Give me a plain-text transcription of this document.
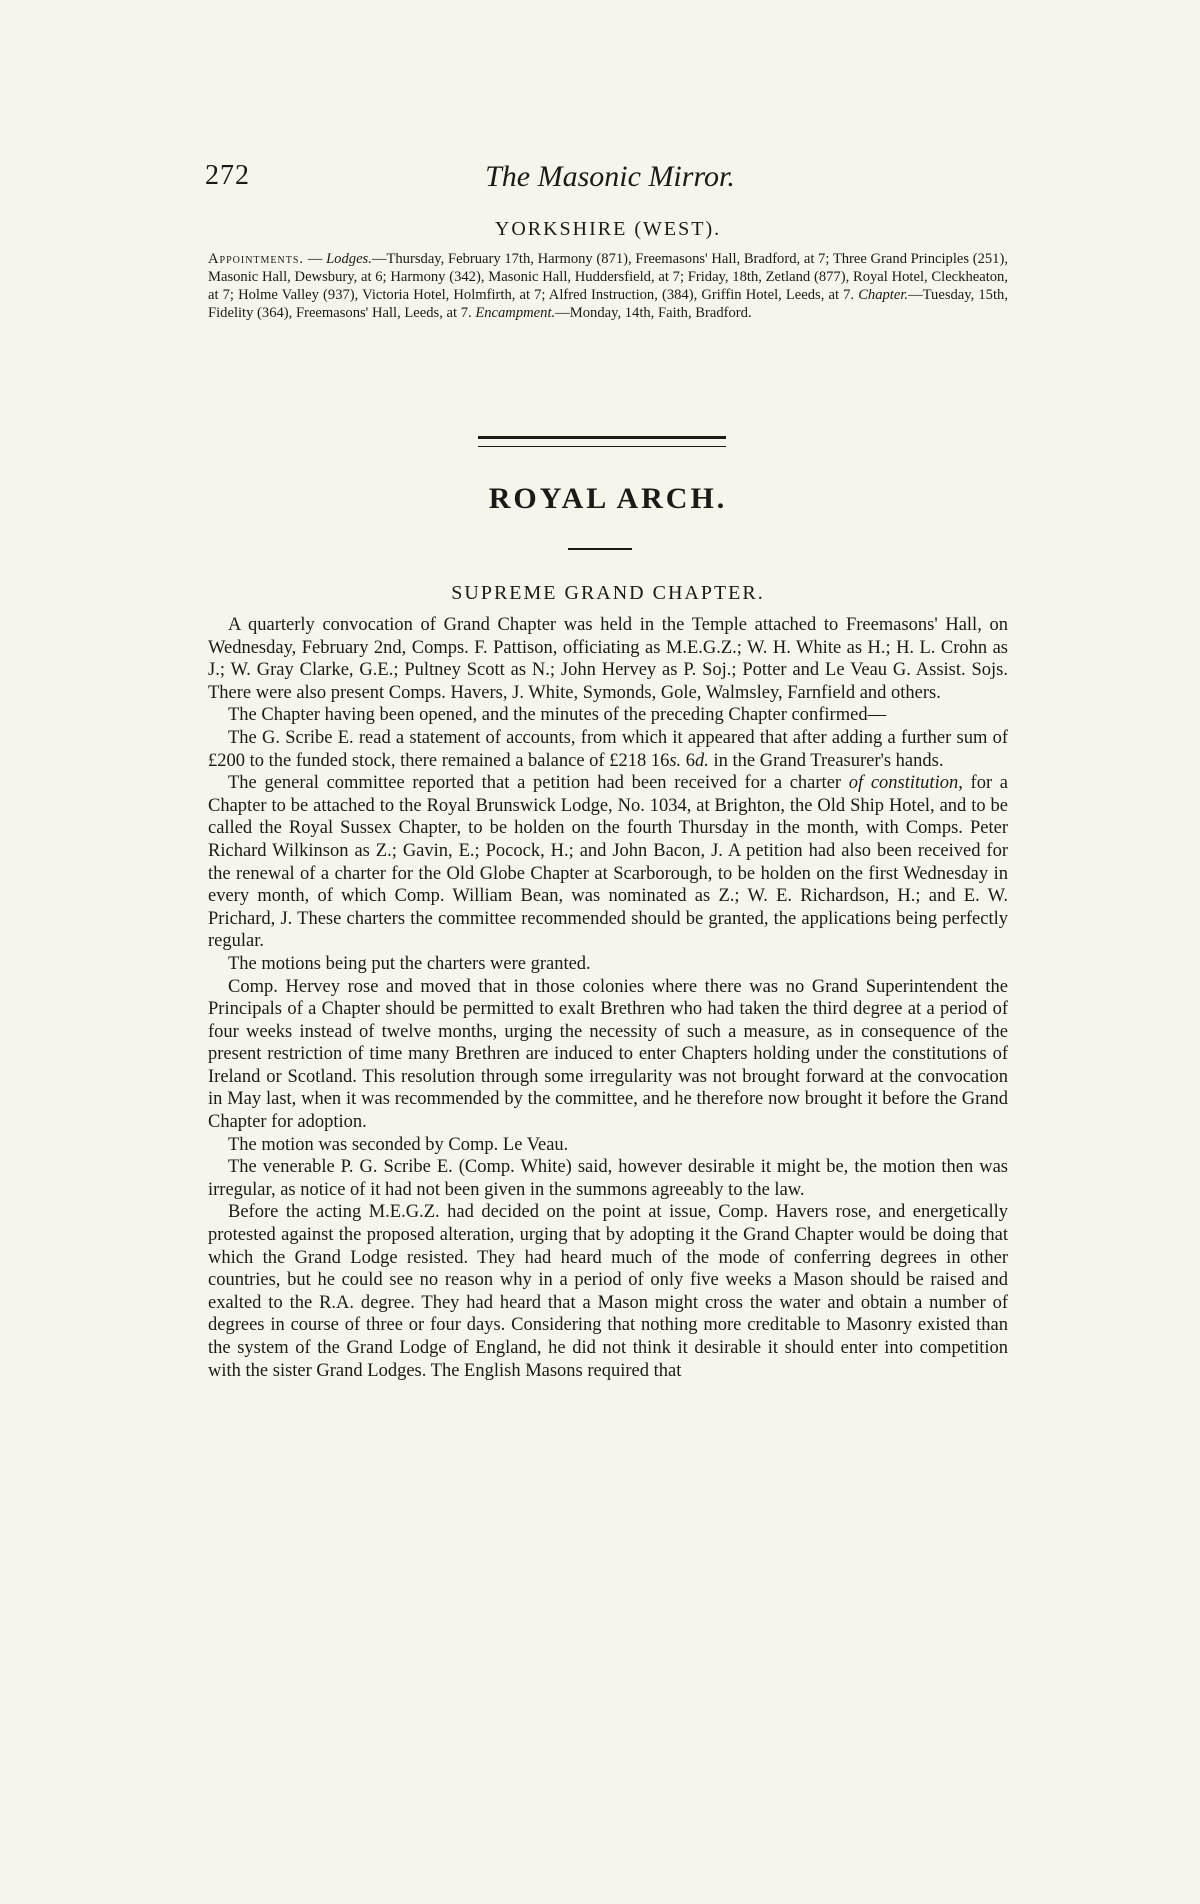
272	The Masonic Mirror.
YORKSHIRE (WEST).
Appointments. — Lodges.—Thursday, February 17th, Harmony (871), Freemasons' Hall, Bradford, at 7; Three Grand Principles (251), Masonic Hall, Dewsbury, at 6; Harmony (342), Masonic Hall, Huddersfield, at 7; Friday, 18th, Zetland (877), Royal Hotel, Cleckheaton, at 7; Holme Valley (937), Victoria Hotel, Holmfirth, at 7; Alfred Instruction, (384), Griffin Hotel, Leeds, at 7. Chapter.—Tuesday, 15th, Fidelity (364), Freemasons' Hall, Leeds, at 7. Encampment.—Monday, 14th, Faith, Bradford.
ROYAL ARCH.
SUPREME GRAND CHAPTER.

A quarterly convocation of Grand Chapter was held in the Temple attached to Freemasons' Hall, on Wednesday, February 2nd, Comps. F. Pattison, officiating as M.E.G.Z.; W. H. White as H.; H. L. Crohn as J.; W. Gray Clarke, G.E.; Pultney Scott as N.; John Hervey as P. Soj.; Potter and Le Veau G. Assist. Sojs. There were also present Comps. Havers, J. White, Symonds, Gole, Walmsley, Farnfield and others.

The Chapter having been opened, and the minutes of the preceding Chapter confirmed—

The G. Scribe E. read a statement of accounts, from which it appeared that after adding a further sum of £200 to the funded stock, there remained a balance of £218 16s. 6d. in the Grand Treasurer's hands.

The general committee reported that a petition had been received for a charter of constitution, for a Chapter to be attached to the Royal Brunswick Lodge, No. 1034, at Brighton, the Old Ship Hotel, and to be called the Royal Sussex Chapter, to be holden on the fourth Thursday in the month, with Comps. Peter Richard Wilkinson as Z.; Gavin, E.; Pocock, H.; and John Bacon, J. A petition had also been received for the renewal of a charter for the Old Globe Chapter at Scarborough, to be holden on the first Wednesday in every month, of which Comp. William Bean, was nominated as Z.; W. E. Richardson, H.; and E. W. Prichard, J. These charters the committee recommended should be granted, the applications being perfectly regular.

The motions being put the charters were granted.

Comp. Hervey rose and moved that in those colonies where there was no Grand Superintendent the Principals of a Chapter should be permitted to exalt Brethren who had taken the third degree at a period of four weeks instead of twelve months, urging the necessity of such a measure, as in consequence of the present restriction of time many Brethren are induced to enter Chapters holding under the constitutions of Ireland or Scotland. This resolution through some irregularity was not brought forward at the convocation in May last, when it was recommended by the committee, and he therefore now brought it before the Grand Chapter for adoption.

The motion was seconded by Comp. Le Veau.

The venerable P. G. Scribe E. (Comp. White) said, however desirable it might be, the motion then was irregular, as notice of it had not been given in the summons agreeably to the law.

Before the acting M.E.G.Z. had decided on the point at issue, Comp. Havers rose, and energetically protested against the proposed alteration, urging that by adopting it the Grand Chapter would be doing that which the Grand Lodge resisted. They had heard much of the mode of conferring degrees in other countries, but he could see no reason why in a period of only five weeks a Mason should be raised and exalted to the R.A. degree. They had heard that a Mason might cross the water and obtain a number of degrees in course of three or four days. Considering that nothing more creditable to Masonry existed than the system of the Grand Lodge of England, he did not think it desirable it should enter into competition with the sister Grand Lodges. The English Masons required that
